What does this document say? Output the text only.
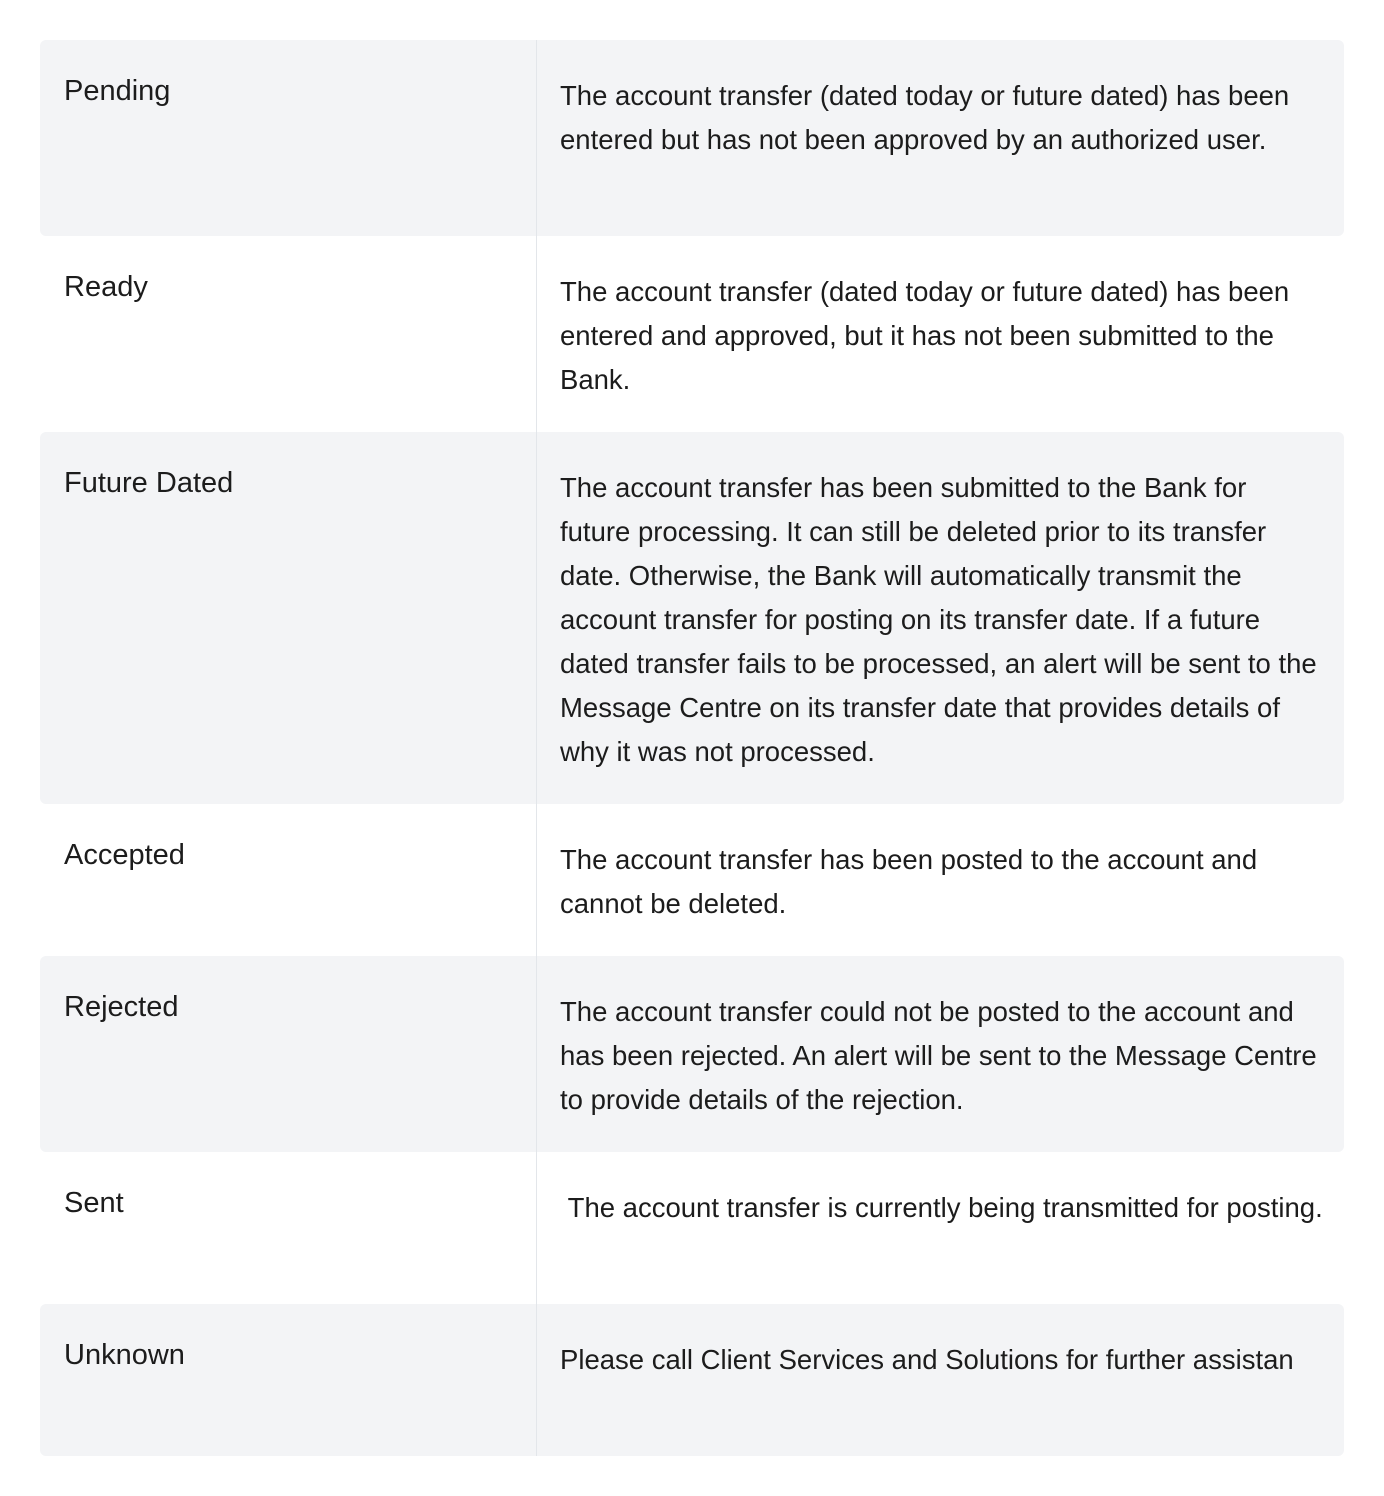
Pending	The account transfer (dated today or future dated) has been entered but has not been approved by an authorized user.
Ready	The account transfer (dated today or future dated) has been entered and approved, but it has not been submitted to the Bank.
Future Dated	The account transfer has been submitted to the Bank for future processing. It can still be deleted prior to its transfer date. Otherwise, the Bank will automatically transmit the account transfer for posting on its transfer date. If a future dated transfer fails to be processed, an alert will be sent to the Message Centre on its transfer date that provides details of why it was not processed.
Accepted	The account transfer has been posted to the account and cannot be deleted.
Rejected	The account transfer could not be posted to the account and has been rejected. An alert will be sent to the Message Centre to provide details of the rejection.
Sent	The account transfer is currently being transmitted for posting.
Unknown	Please call Client Services and Solutions for further assistan
